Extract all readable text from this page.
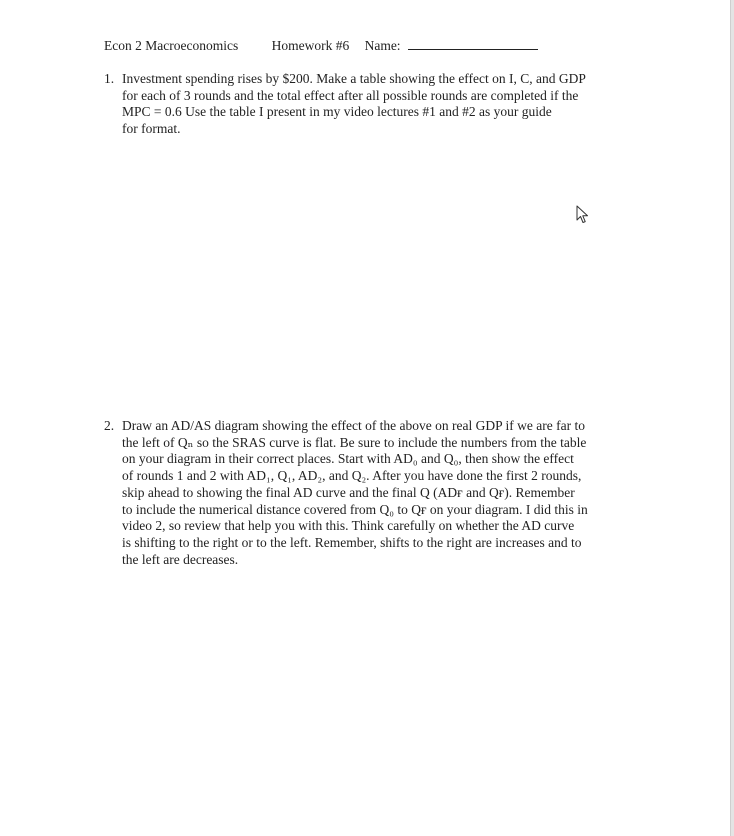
Econ 2 Macroeconomics Homework #6 Name:
1. Investment spending rises by $200. Make a table showing the effect on I, C, and GDP
for each of 3 rounds and the total effect after all possible rounds are completed if the
MPC = 0.6 Use the table I present in my video lectures #1 and #2 as your guide
for format.
2. Draw an AD/AS diagram showing the effect of the above on real GDP if we are far to
the left of Qₙ so the SRAS curve is flat. Be sure to include the numbers from the table
on your diagram in their correct places. Start with AD₀ and Q₀, then show the effect
of rounds 1 and 2 with AD₁, Q₁, AD₂, and Q₂. After you have done the first 2 rounds,
skip ahead to showing the final AD curve and the final Q (ADғ and Qғ). Remember
to include the numerical distance covered from Q₀ to Qғ on your diagram. I did this in
video 2, so review that help you with this. Think carefully on whether the AD curve
is shifting to the right or to the left. Remember, shifts to the right are increases and to
the left are decreases.
